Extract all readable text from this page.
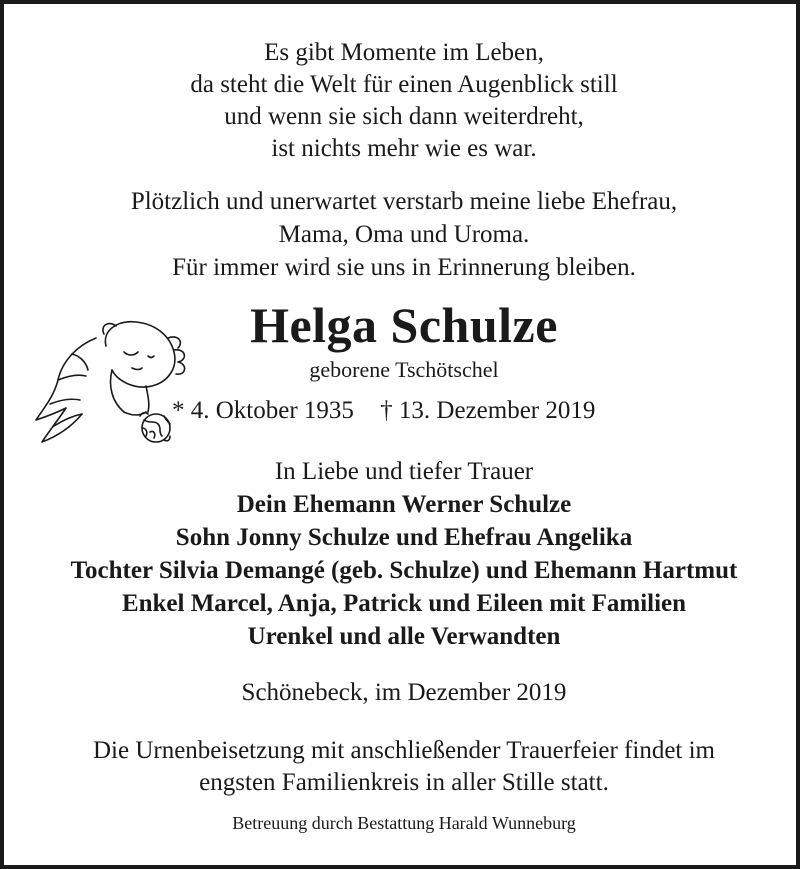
Es gibt Momente im Leben,
da steht die Welt für einen Augenblick still
und wenn sie sich dann weiterdreht,
ist nichts mehr wie es war.
Plötzlich und unerwartet verstarb meine liebe Ehefrau,
Mama, Oma und Uroma.
Für immer wird sie uns in Erinnerung bleiben.
Helga Schulze
geborene Tschötschel
* 4. Oktober 1935 † 13. Dezember 2019
In Liebe und tiefer Trauer
Dein Ehemann Werner Schulze
Sohn Jonny Schulze und Ehefrau Angelika
Tochter Silvia Demangé (geb. Schulze) und Ehemann Hartmut
Enkel Marcel, Anja, Patrick und Eileen mit Familien
Urenkel und alle Verwandten
Schönebeck, im Dezember 2019
Die Urnenbeisetzung mit anschließender Trauerfeier findet im
engsten Familienkreis in aller Stille statt.
Betreuung durch Bestattung Harald Wunneburg
